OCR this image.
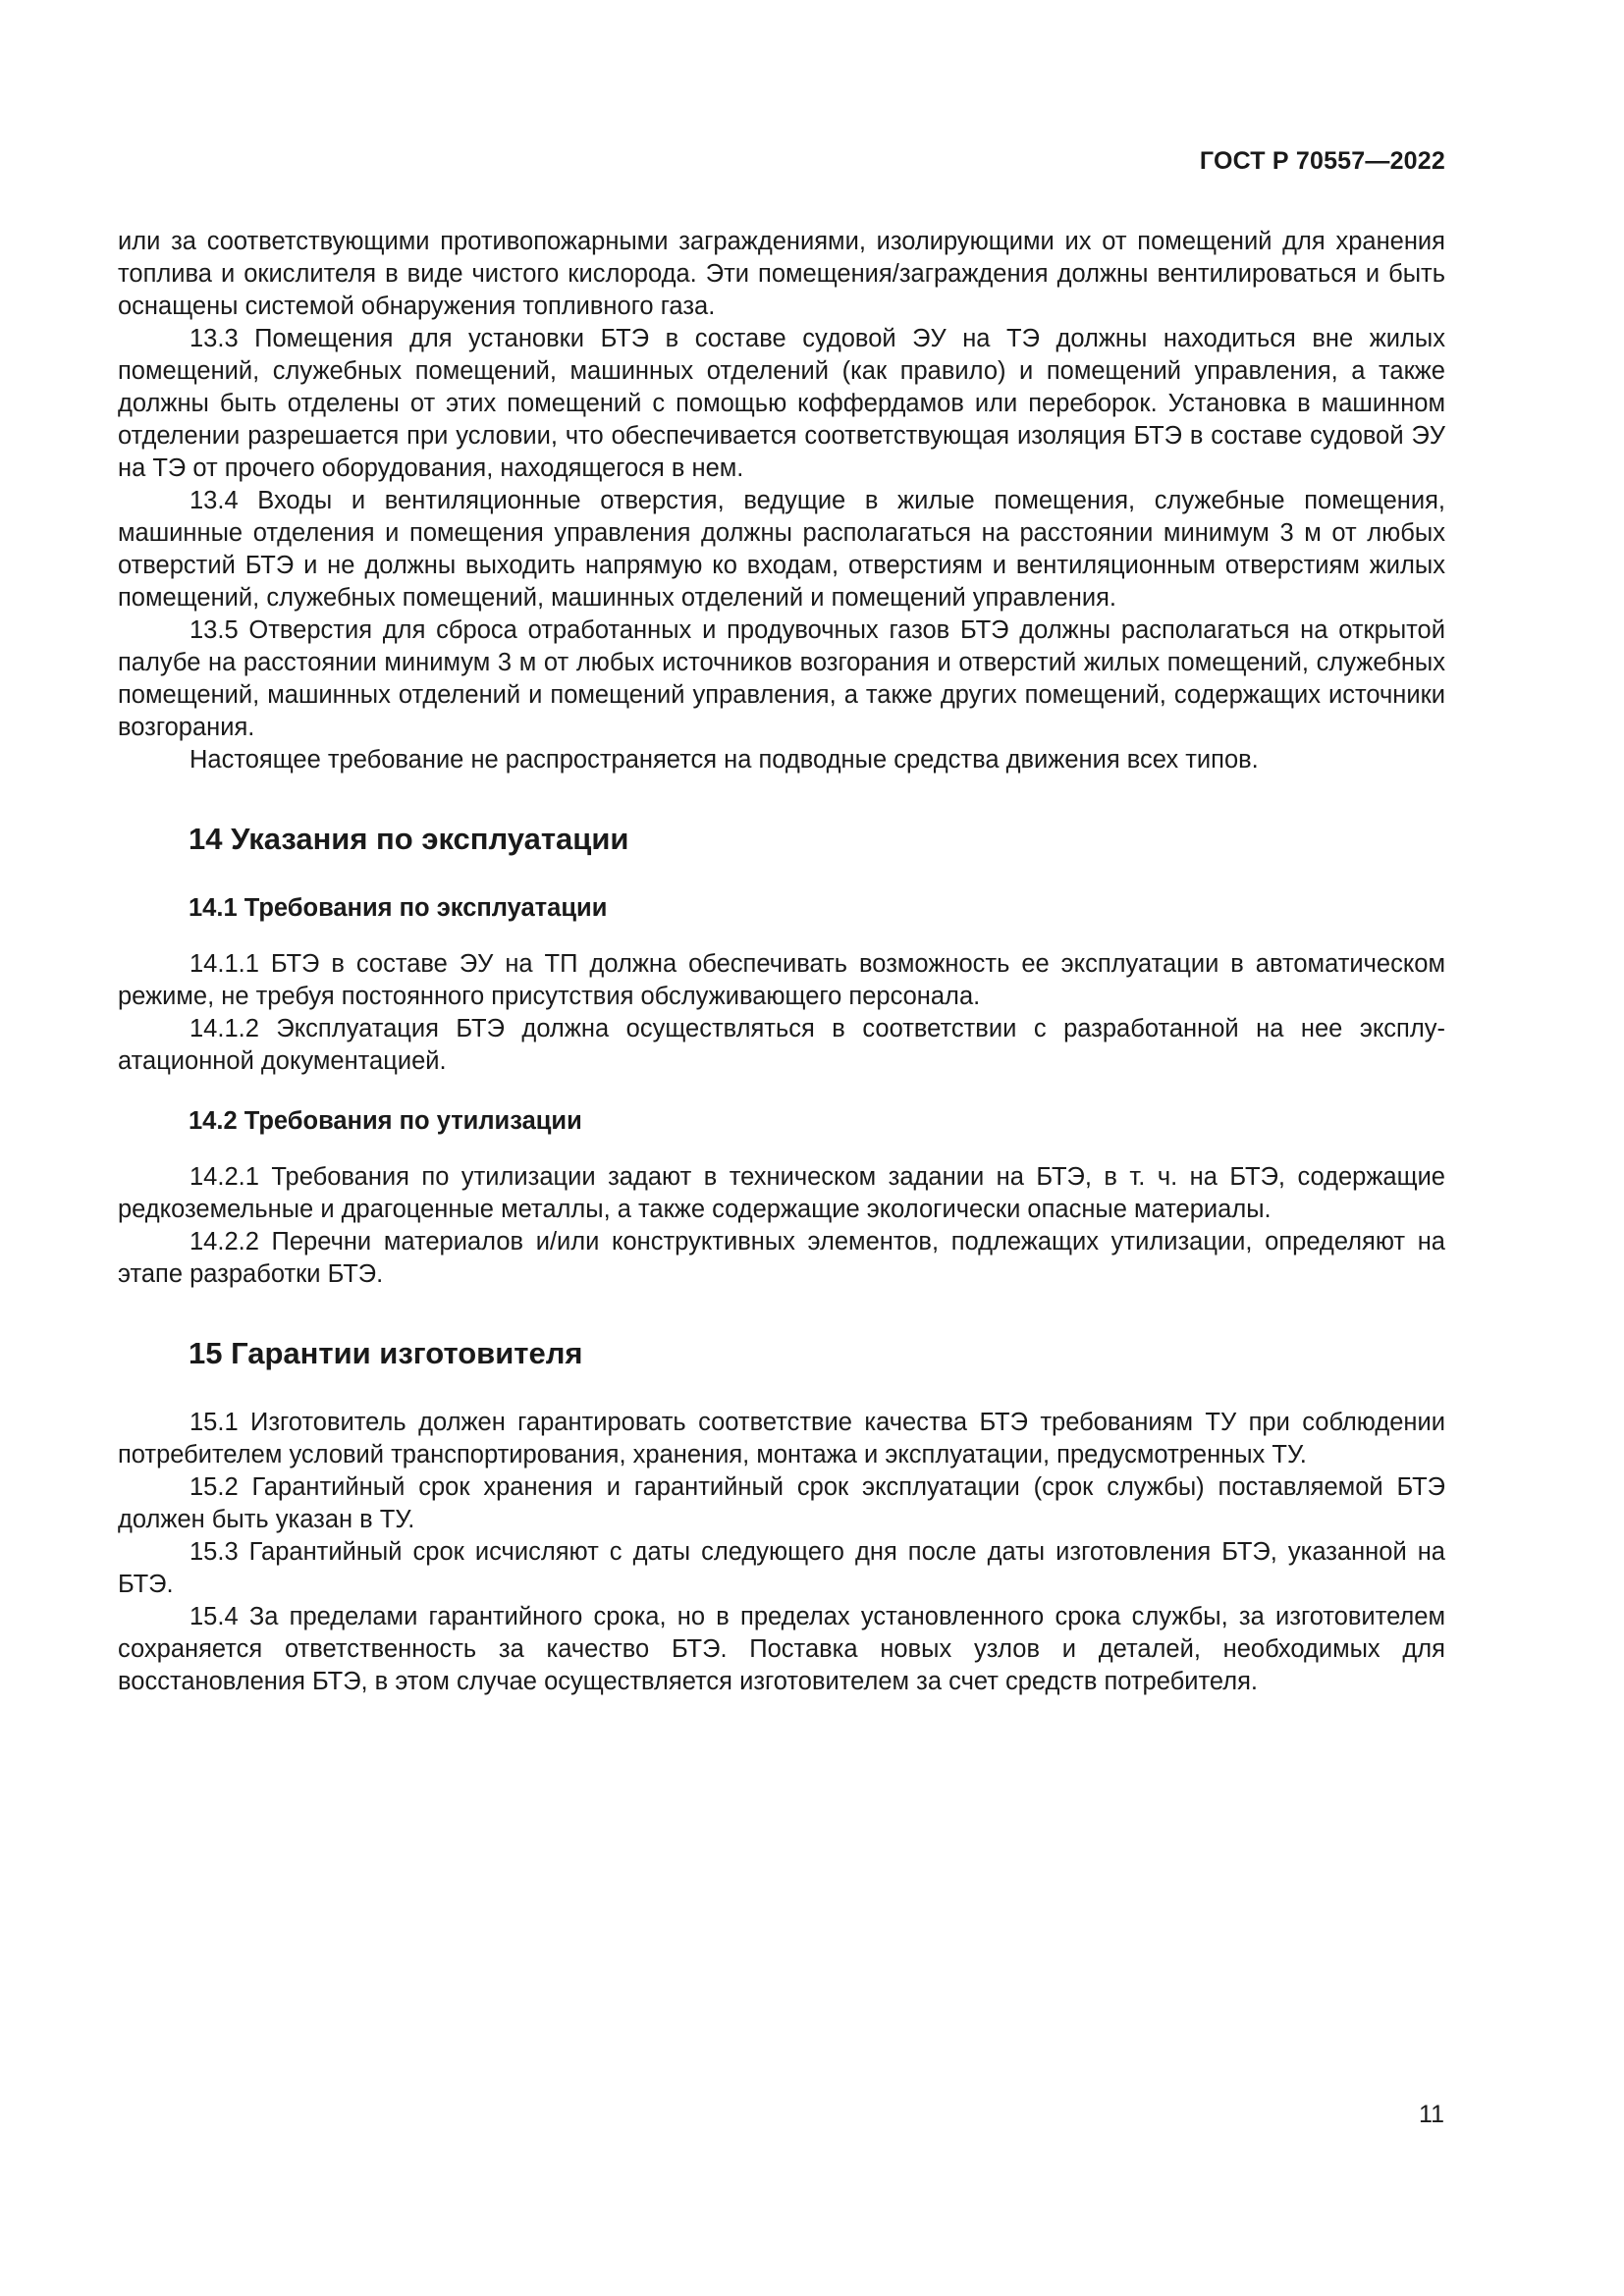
ГОСТ Р 70557—2022

или за соответствующими противопожарными заграждениями, изолирующими их от помещений для хранения топлива и окислителя в виде чистого кислорода. Эти помещения/заграждения должны вентилироваться и быть оснащены системой обнаружения топливного газа.

13.3 Помещения для установки БТЭ в составе судовой ЭУ на ТЭ должны находиться вне жилых помещений, служебных помещений, машинных отделений (как правило) и помещений управления, а также должны быть отделены от этих помещений с помощью коффердамов или переборок. Установка в машинном отделении разрешается при условии, что обеспечивается соответствующая изоляция БТЭ в составе судовой ЭУ на ТЭ от прочего оборудования, находящегося в нем.

13.4 Входы и вентиляционные отверстия, ведущие в жилые помещения, служебные помещения, машинные отделения и помещения управления должны располагаться на расстоянии минимум 3 м от любых отверстий БТЭ и не должны выходить напрямую ко входам, отверстиям и вентиляционным отверстиям жилых помещений, служебных помещений, машинных отделений и помещений управления.

13.5 Отверстия для сброса отработанных и продувочных газов БТЭ должны располагаться на открытой палубе на расстоянии минимум 3 м от любых источников возгорания и отверстий жилых помещений, служебных помещений, машинных отделений и помещений управления, а также других помещений, содержащих источники возгорания.

Настоящее требование не распространяется на подводные средства движения всех типов.

14 Указания по эксплуатации
14.1 Требования по эксплуатации

14.1.1 БТЭ в составе ЭУ на ТП должна обеспечивать возможность ее эксплуатации в автоматическом режиме, не требуя постоянного присутствия обслуживающего персонала.

14.1.2 Эксплуатация БТЭ должна осуществляться в соответствии с разработанной на нее эксплуатационной документацией.

14.2 Требования по утилизации

14.2.1 Требования по утилизации задают в техническом задании на БТЭ, в т. ч. на БТЭ, содержащие редкоземельные и драгоценные металлы, а также содержащие экологически опасные материалы.

14.2.2 Перечни материалов и/или конструктивных элементов, подлежащих утилизации, определяют на этапе разработки БТЭ.

15 Гарантии изготовителя

15.1 Изготовитель должен гарантировать соответствие качества БТЭ требованиям ТУ при соблюдении потребителем условий транспортирования, хранения, монтажа и эксплуатации, предусмотренных ТУ.

15.2 Гарантийный срок хранения и гарантийный срок эксплуатации (срок службы) поставляемой БТЭ должен быть указан в ТУ.

15.3 Гарантийный срок исчисляют с даты следующего дня после даты изготовления БТЭ, указанной на БТЭ.

15.4 За пределами гарантийного срока, но в пределах установленного срока службы, за изготовителем сохраняется ответственность за качество БТЭ. Поставка новых узлов и деталей, необходимых для восстановления БТЭ, в этом случае осуществляется изготовителем за счет средств потребителя.

11
